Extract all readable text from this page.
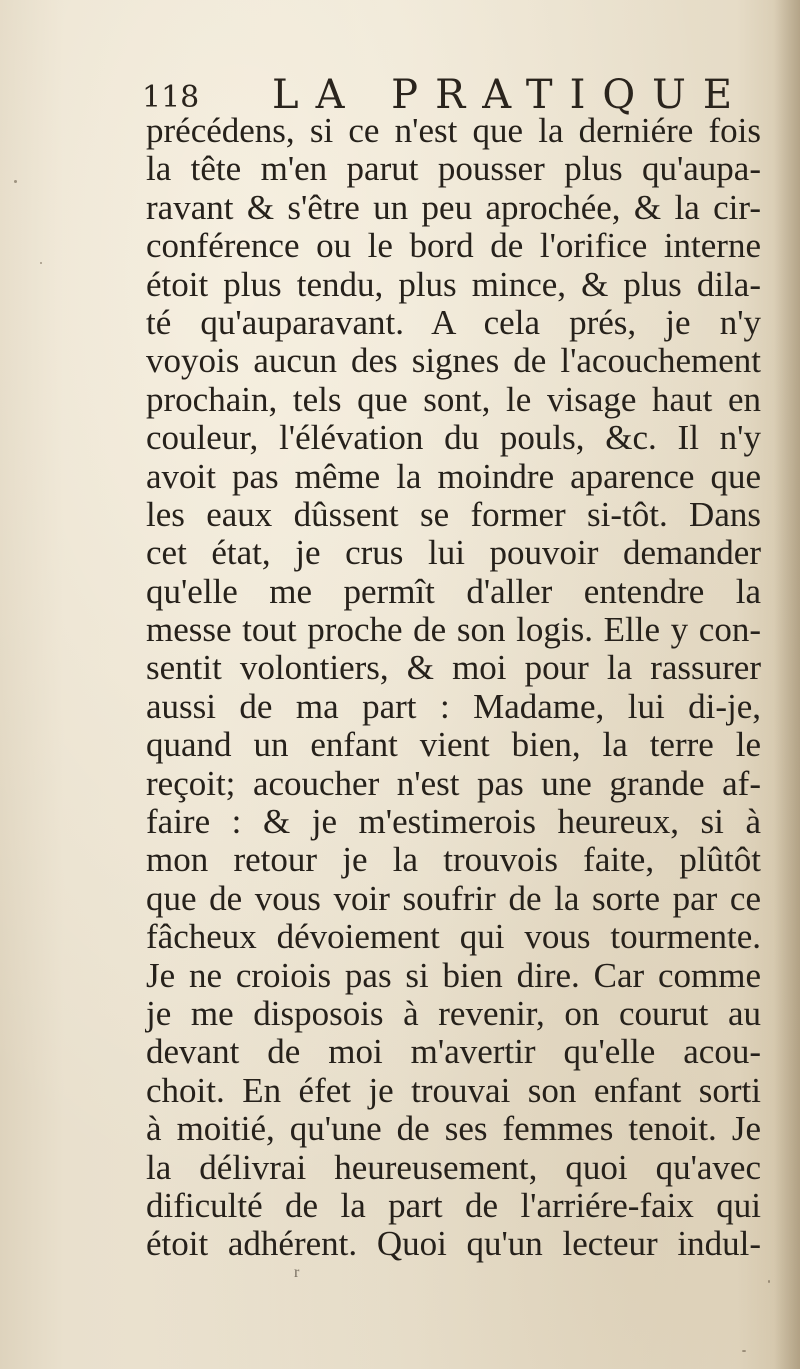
118 LA PRATIQUE
précédens, si ce n'est que la derniére fois
la tête m'en parut pousser plus qu'aupa-
ravant & s'être un peu aprochée, & la cir-
conférence ou le bord de l'orifice interne
étoit plus tendu, plus mince, & plus dila-
té qu'auparavant. A cela prés, je n'y
voyois aucun des signes de l'acouchement
prochain, tels que sont, le visage haut en
couleur, l'élévation du pouls, &c. Il n'y
avoit pas même la moindre aparence que
les eaux dûssent se former si-tôt. Dans
cet état, je crus lui pouvoir demander
qu'elle me permît d'aller entendre la
messe tout proche de son logis. Elle y con-
sentit volontiers, & moi pour la rassurer
aussi de ma part : Madame, lui di-je,
quand un enfant vient bien, la terre le
reçoit; acoucher n'est pas une grande af-
faire : & je m'estimerois heureux, si à
mon retour je la trouvois faite, plûtôt
que de vous voir soufrir de la sorte par ce
fâcheux dévoiement qui vous tourmente.
Je ne croiois pas si bien dire. Car comme
je me disposois à revenir, on courut au
devant de moi m'avertir qu'elle acou-
choit. En éfet je trouvai son enfant sorti
à moitié, qu'une de ses femmes tenoit. Je
la délivrai heureusement, quoi qu'avec
dificulté de la part de l'arriére-faix qui
étoit adhérent. Quoi qu'un lecteur indul-
r
